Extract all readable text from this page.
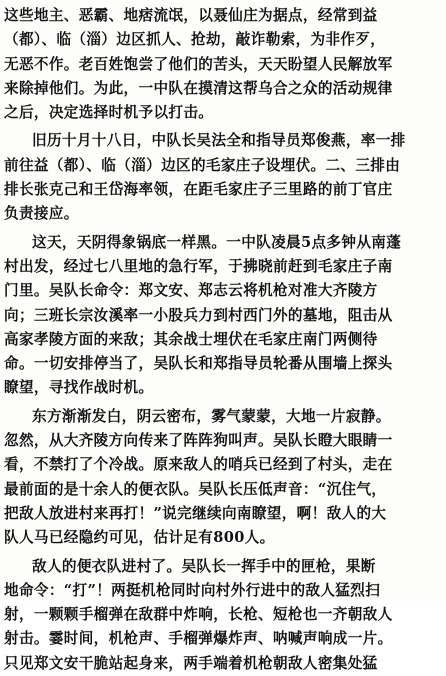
这些地主、恶霸、地痞流氓，以聂仙庄为据点，经常到益
（都）、临（淄）边区抓人、抢劫，敲诈勒索，为非作歹，
无恶不作。老百姓饱尝了他们的苦头，天天盼望人民解放军
来除掉他们。为此，一中队在摸清这帮乌合之众的活动规律
之后，决定选择时机予以打击。
旧历十月十八日，中队长吴法全和指导员郑俊燕，率一排
前往益（都）、临（淄）边区的毛家庄子设埋伏。二、三排由
排长张克己和王岱海率领，在距毛家庄子三里路的前丁官庄
负责接应。
这天，天阴得象锅底一样黑。一中队凌晨5点多钟从南蓬
村出发，经过七八里地的急行军，于拂晓前赶到毛家庄子南
门里。吴队长命令：郑文安、郑志云将机枪对准大齐陵方
向；三班长宗汝溪率一小股兵力到村西门外的墓地，阻击从
高家孝陵方面的来敌；其余战士埋伏在毛家庄南门两侧待
命。一切安排停当了，吴队长和郑指导员轮番从围墙上探头
瞭望，寻找作战时机。
东方渐渐发白，阴云密布，雾气蒙蒙，大地一片寂静。
忽然，从大齐陵方向传来了阵阵狗叫声。吴队长瞪大眼睛一
看，不禁打了个冷战。原来敌人的哨兵已经到了村头，走在
最前面的是十余人的便衣队。吴队长压低声音：“沉住气，
把敌人放进村来再打！”说完继续向南瞭望，啊！敌人的大
队人马已经隐约可见，估计足有800人。
敌人的便衣队进村了。吴队长一挥手中的匣枪，果断
地命令：“打”！两挺机枪同时向村外行进中的敌人猛烈扫
射，一颗颗手榴弹在敌群中炸响，长枪、短枪也一齐朝敌人
射击。霎时间，机枪声、手榴弹爆炸声、呐喊声响成一片。
只见郑文安干脆站起身来，两手端着机枪朝敌人密集处猛
